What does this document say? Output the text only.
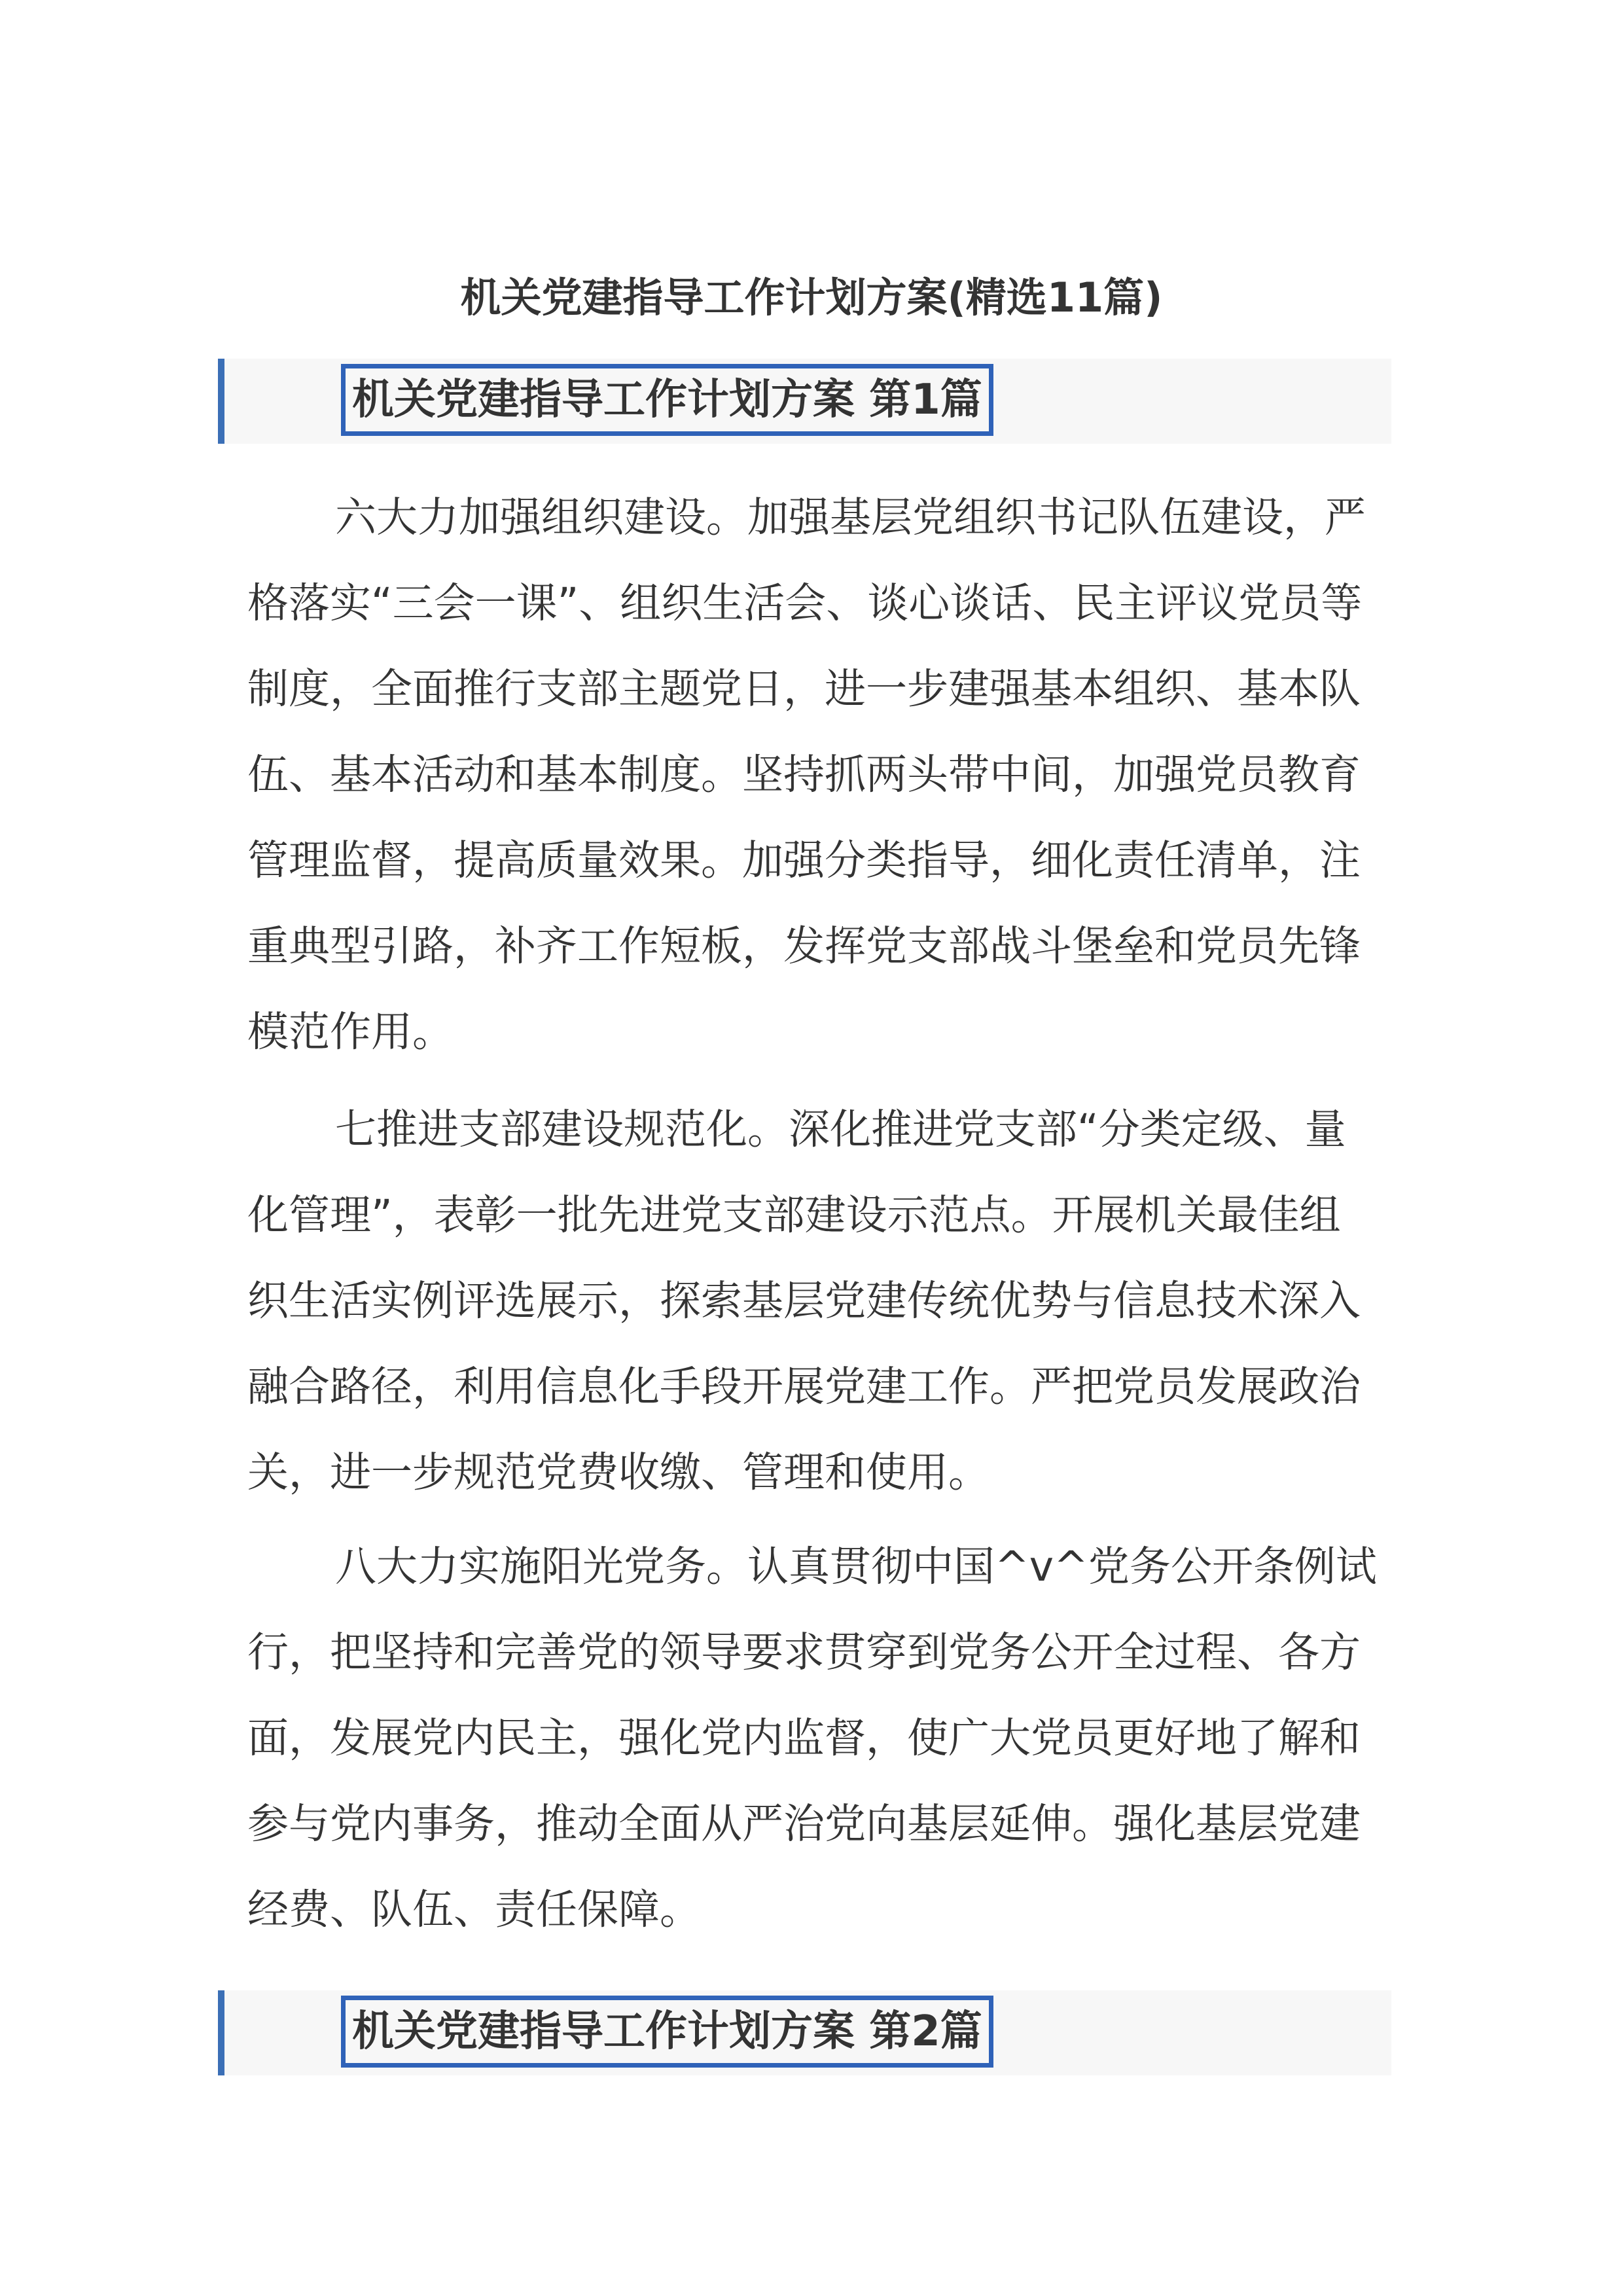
机关党建指导工作计划方案(精选11篇)
机关党建指导工作计划方案 第1篇

六大力加强组织建设。加强基层党组织书记队伍建设，严格落实“三会一课”、组织生活会、谈心谈话、民主评议党员等制度，全面推行支部主题党日，进一步建强基本组织、基本队伍、基本活动和基本制度。坚持抓两头带中间，加强党员教育管理监督，提高质量效果。加强分类指导，细化责任清单，注重典型引路，补齐工作短板，发挥党支部战斗堡垒和党员先锋模范作用。

七推进支部建设规范化。深化推进党支部“分类定级、量化管理”，表彰一批先进党支部建设示范点。开展机关最佳组织生活实例评选展示，探索基层党建传统优势与信息技术深入融合路径，利用信息化手段开展党建工作。严把党员发展政治关，进一步规范党费收缴、管理和使用。

八大力实施阳光党务。认真贯彻中国^v^党务公开条例试行，把坚持和完善党的领导要求贯穿到党务公开全过程、各方面，发展党内民主，强化党内监督，使广大党员更好地了解和参与党内事务，推动全面从严治党向基层延伸。强化基层党建经费、队伍、责任保障。

机关党建指导工作计划方案 第2篇
